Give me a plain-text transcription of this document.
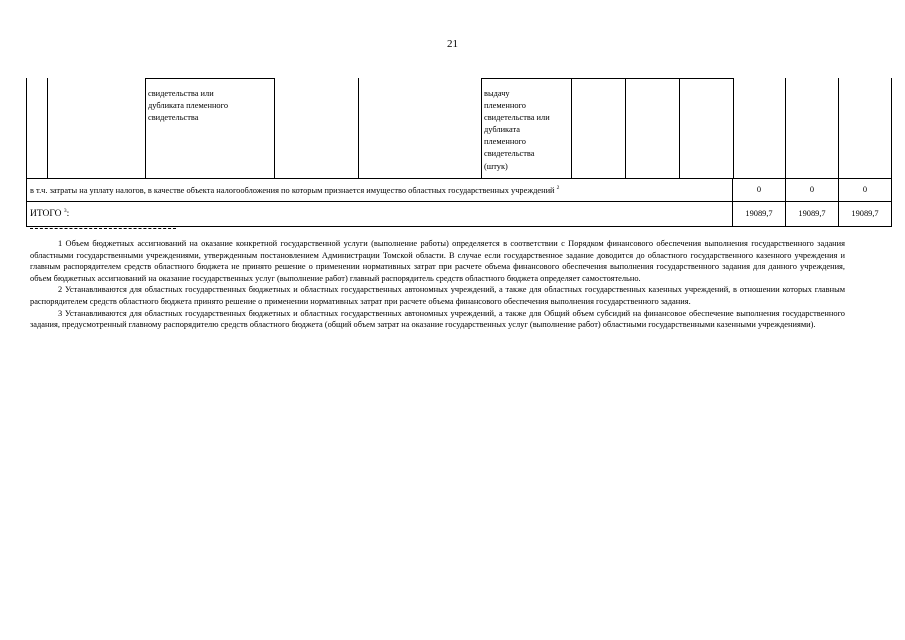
21
свидетельства или
дубликата племенного
свидетельства
выдачу
племенного
свидетельства или
дубликата
племенного
свидетельства
(штук)
в т.ч. затраты на уплату налогов, в качестве объекта налогообложения по которым признается имущество областных государственных учреждений $^2$	0	0	0
ИТОГО $^3$:	19089,7	19089,7	19089,7

1 Объем бюджетных ассигнований на оказание конкретной государственной услуги (выполнение работы) определяется в соответствии с Порядком финансового обеспечения выполнения государственного задания областными государственными учреждениями, утвержденным постановлением Администрации Томской области. В случае если государственное задание доводится до областного государственного казенного учреждения и главным распорядителем средств областного бюджета не принято решение о применении нормативных затрат при расчете объема финансового обеспечения выполнения государственного задания для данного учреждения, объем бюджетных ассигнований на оказание государственных услуг (выполнение работ) главный распорядитель средств областного бюджета определяет самостоятельно.

2 Устанавливаются для областных государственных бюджетных и областных государственных автономных учреждений, а также для областных государственных казенных учреждений, в отношении которых главным распорядителем средств областного бюджета принято решение о применении нормативных затрат при расчете объема финансового обеспечения выполнения государственного задания.

3 Устанавливаются для областных государственных бюджетных и областных государственных автономных учреждений, а также для Общий объем субсидий на финансовое обеспечение выполнения государственного задания, предусмотренный главному распорядителю средств областного бюджета (общий объем затрат на оказание государственных услуг (выполнение работ) областными государственными казенными учреждениями).
